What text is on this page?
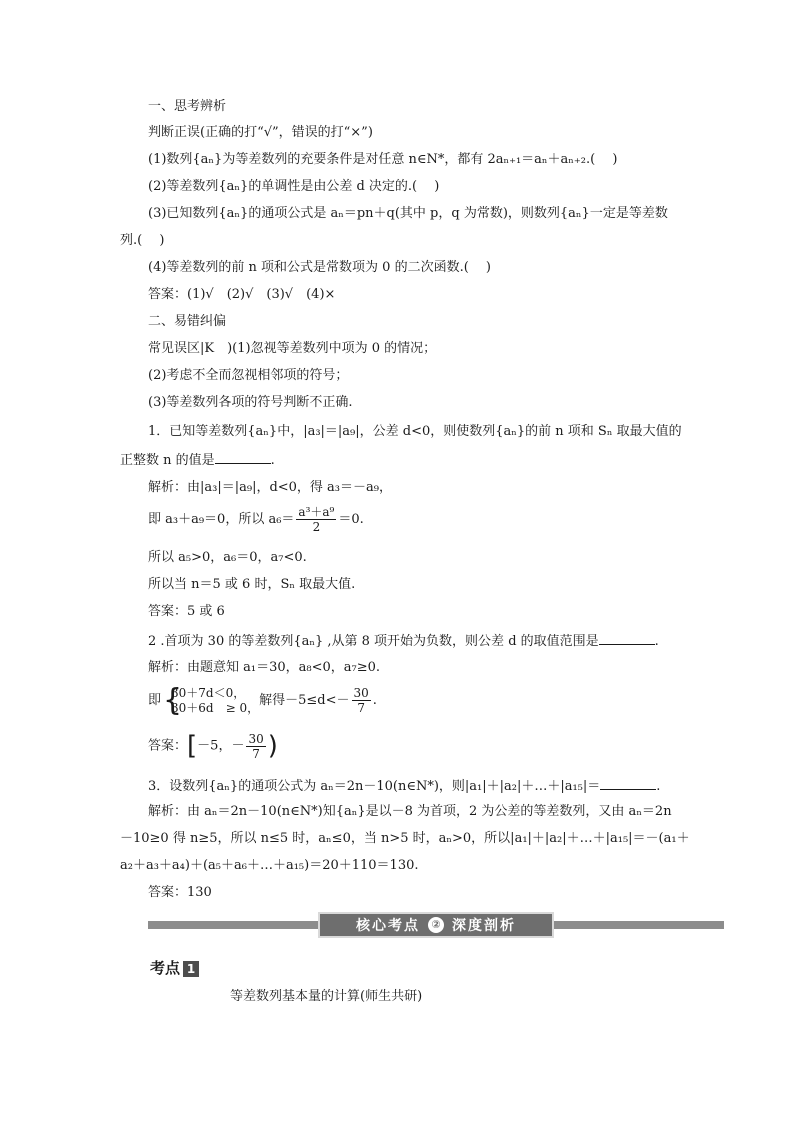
一、思考辨析
判断正误(正确的打“√”，错误的打“×”)
(1)数列{aₙ}为等差数列的充要条件是对任意 n∈N*，都有 2aₙ₊₁＝aₙ＋aₙ₊₂.(　 )
(2)等差数列{aₙ}的单调性是由公差 d 决定的.(　 )
(3)已知数列{aₙ}的通项公式是 aₙ＝pn＋q(其中 p，q 为常数)，则数列{aₙ}一定是等差数
列.(　 )
(4)等差数列的前 n 项和公式是常数项为 0 的二次函数.(　 )
答案：(1)√　(2)√　(3)√　(4)×
二、易错纠偏
常见误区|K　)(1)忽视等差数列中项为 0 的情况；
(2)考虑不全而忽视相邻项的符号；
(3)等差数列各项的符号判断不正确.
1．已知等差数列{aₙ}中，|a₃|＝|a₉|，公差 d<0，则使数列{aₙ}的前 n 项和 Sₙ 取最大值的
正整数 n 的值是	.
解析：由|a₃|＝|a₉|，d<0，得 a₃＝－a₉，
即 a₃＋a₉＝0，所以 $a_6= \frac{\text{a³＋a⁹}}{2} =0$.
所以 a₅>0，a₆＝0，a₇<0.
所以当 n＝5 或 6 时，Sₙ 取最大值.
答案：5 或 6
2 .首项为 30 的等差数列{aₙ} ,从第 8 项开始为负数，则公差 d 的取值范围是	.
解析：由题意知 a₁＝30，a₈<0，a₇≥0.
即 {
30＋7d＜0，
30＋6d　≥ 0， 解得$-5\le d<- \frac{30}{7}$ .
答案：[－5，－ $\frac{30}{7}$ )
3．设数列{aₙ}的通项公式为 aₙ＝2n－10(n∈N*)，则|a₁|＋|a₂|＋…＋|a₁₅|＝	.
解析：由 aₙ＝2n－10(n∈N*)知{aₙ}是以－8 为首项，2 为公差的等差数列，又由 aₙ＝2n
－10≥0 得 n≥5，所以 n≤5 时，aₙ≤0，当 n>5 时，aₙ>0，所以|a₁|＋|a₂|＋…＋|a₁₅|＝－(a₁＋
a₂＋a₃＋a₄)＋(a₅＋a₆＋…＋a₁₅)＝20＋110＝130.
答案：130
核心考点	② 深度剖析
考点 1
等差数列基本量的计算(师生共研)
